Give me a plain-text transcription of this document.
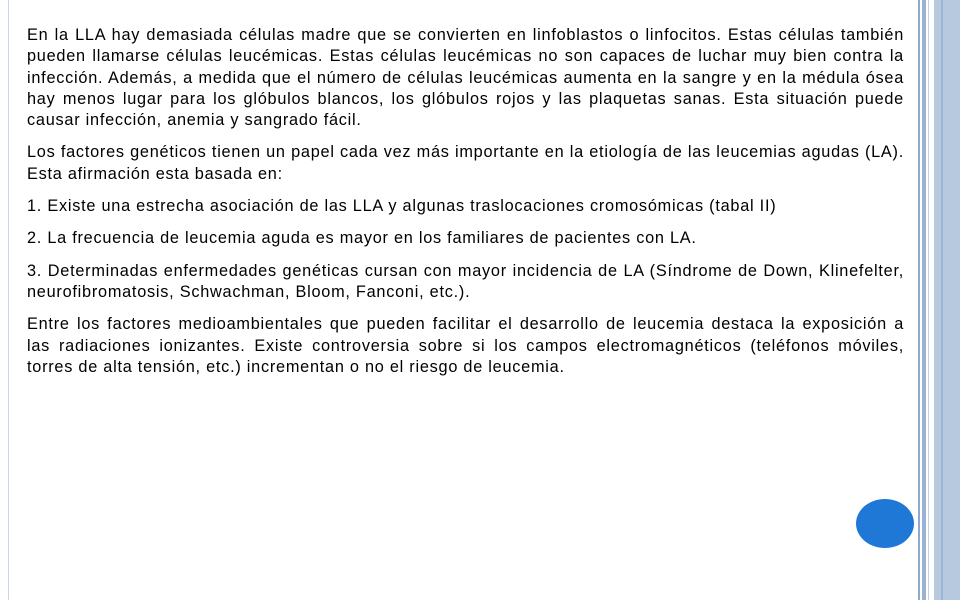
En la LLA hay demasiada células madre que se convierten en linfoblastos o linfocitos. Estas células también pueden llamarse células leucémicas. Estas células leucémicas no son capaces de luchar muy bien contra la infección. Además, a medida que el número de células leucémicas aumenta en la sangre y en la médula ósea hay menos lugar para los glóbulos blancos, los glóbulos rojos y las plaquetas sanas. Esta situación puede causar infección, anemia y sangrado fácil.

Los factores genéticos tienen un papel cada vez más importante en la etiología de las leucemias agudas (LA). Esta afirmación esta basada en:

1. Existe una estrecha asociación de las LLA y algunas traslocaciones cromosómicas (tabal II)

2. La frecuencia de leucemia aguda es mayor en los familiares de pacientes con LA.

3. Determinadas enfermedades genéticas cursan con mayor incidencia de LA (Síndrome de Down, Klinefelter, neurofibromatosis, Schwachman, Bloom, Fanconi, etc.).

Entre los factores medioambientales que pueden facilitar el desarrollo de leucemia destaca la exposición a las radiaciones ionizantes. Existe controversia sobre si los campos electromagnéticos (teléfonos móviles, torres de alta tensión, etc.) incrementan o no el riesgo de leucemia.
